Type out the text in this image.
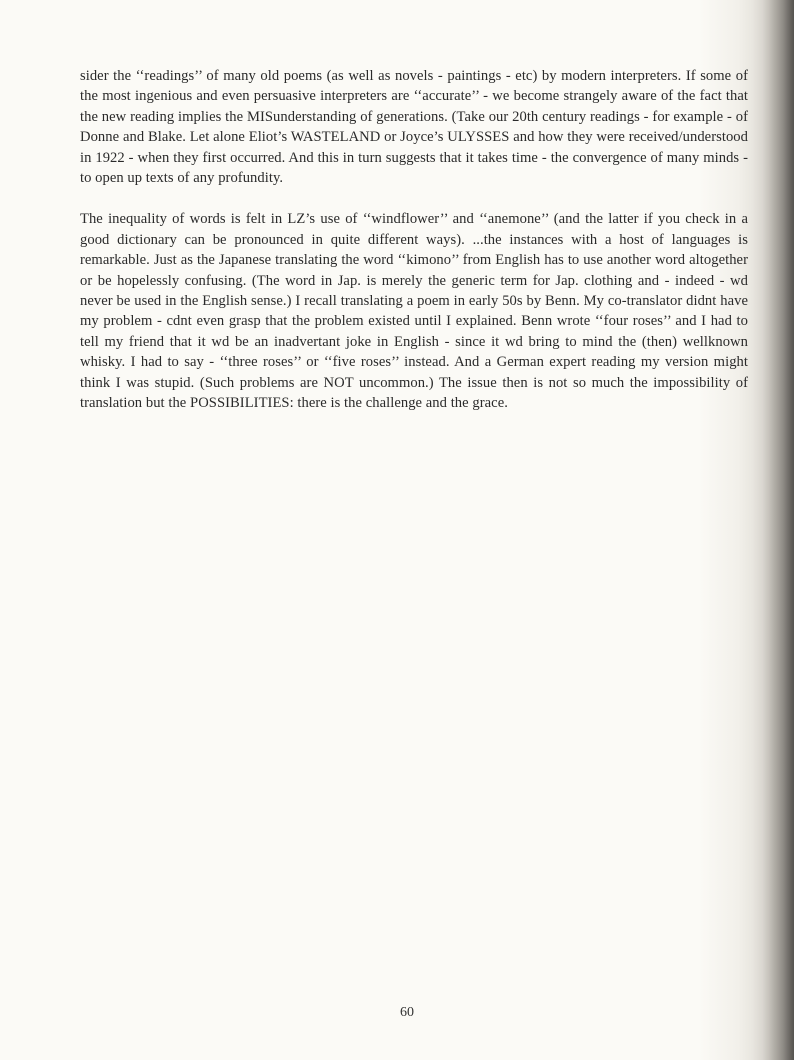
sider the ‘‘readings’’ of many old poems (as well as novels - paintings - etc) by modern interpreters. If some of the most ingenious and even persuasive interpreters are ‘‘accurate’’ - we become strangely aware of the fact that the new reading implies the MISunderstanding of generations. (Take our 20th century readings - for example - of Donne and Blake. Let alone Eliot’s WASTELAND or Joyce’s ULYSSES and how they were received/understood in 1922 - when they first occurred. And this in turn suggests that it takes time - the convergence of many minds - to open up texts of any profundity.

The inequality of words is felt in LZ’s use of ‘‘windflower’’ and ‘‘anemone’’ (and the latter if you check in a good dictionary can be pronounced in quite different ways). ...the instances with a host of languages is remarkable. Just as the Japanese translating the word ‘‘kimono’’ from English has to use another word altogether or be hopelessly confusing. (The word in Jap. is merely the generic term for Jap. clothing and - indeed - wd never be used in the English sense.) I recall translating a poem in early 50s by Benn. My co-translator didnt have my problem - cdnt even grasp that the problem existed until I explained. Benn wrote ‘‘four roses’’ and I had to tell my friend that it wd be an inadvertant joke in English - since it wd bring to mind the (then) wellknown whisky. I had to say - ‘‘three roses’’ or ‘‘five roses’’ instead. And a German expert reading my version might think I was stupid. (Such problems are NOT uncommon.) The issue then is not so much the impossibility of translation but the POSSIBILITIES: there is the challenge and the grace.

60
